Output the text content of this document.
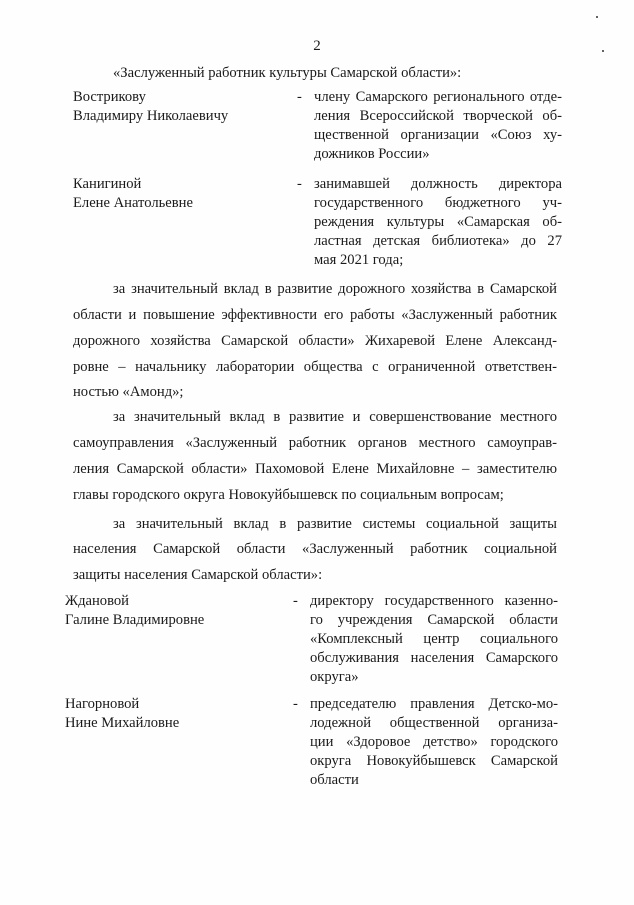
2
«Заслуженный работник культуры Самарской области»:
Вострикову
Владимиру Николаевичу
- члену Самарского регионального отде-
ления Всероссийской творческой об-
щественной организации «Союз ху-
дожников России»
Канигиной
Елене Анатольевне
- занимавшей должность директора
государственного бюджетного уч-
реждения культуры «Самарская об-
ластная детская библиотека» до 27
мая 2021 года;
за значительный вклад в развитие дорожного хозяйства в Самарской
области и повышение эффективности его работы «Заслуженный работник
дорожного хозяйства Самарской области» Жихаревой Елене Александ-
ровне – начальнику лаборатории общества с ограниченной ответствен-
ностью «Амонд»;
за значительный вклад в развитие и совершенствование местного
самоуправления «Заслуженный работник органов местного самоуправ-
ления Самарской области» Пахомовой Елене Михайловне – заместителю
главы городского округа Новокуйбышевск по социальным вопросам;
за значительный вклад в развитие системы социальной защиты
населения Самарской области «Заслуженный работник социальной
защиты населения Самарской области»:
Ждановой
Галине Владимировне
- директору государственного казенно-
го учреждения Самарской области
«Комплексный центр социального
обслуживания населения Самарского
округа»
Нагорновой
Нине Михайловне
- председателю правления Детско-мо-
лодежной общественной организа-
ции «Здоровое детство» городского
округа Новокуйбышевск Самарской
области
